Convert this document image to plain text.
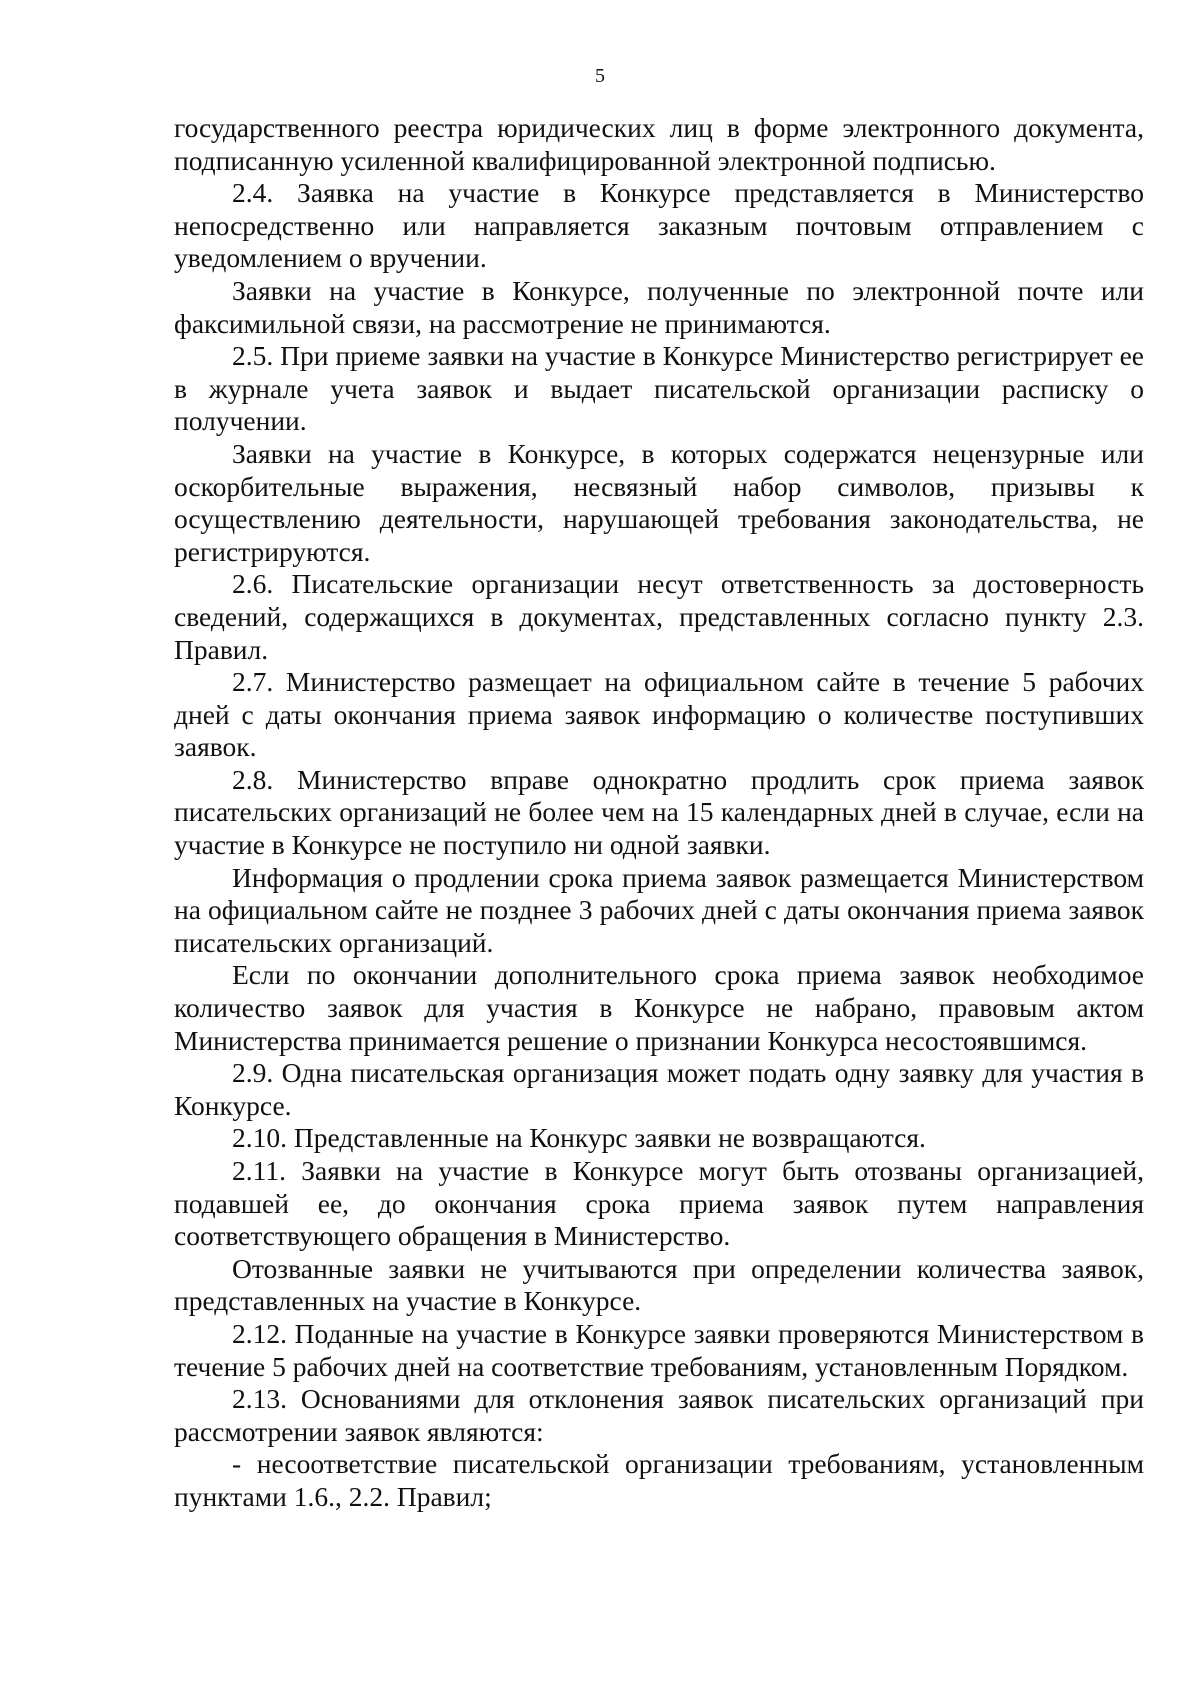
5

государственного реестра юридических лиц в форме электронного документа, подписанную усиленной квалифицированной электронной подписью.

2.4. Заявка на участие в Конкурсе представляется в Министерство непосредственно или направляется заказным почтовым отправлением с уведомлением о вручении.

Заявки на участие в Конкурсе, полученные по электронной почте или факсимильной связи, на рассмотрение не принимаются.

2.5. При приеме заявки на участие в Конкурсе Министерство регистрирует ее в журнале учета заявок и выдает писательской организации расписку о получении.

Заявки на участие в Конкурсе, в которых содержатся нецензурные или оскорбительные выражения, несвязный набор символов, призывы к осуществлению деятельности, нарушающей требования законодательства, не регистрируются.

2.6. Писательские организации несут ответственность за достоверность сведений, содержащихся в документах, представленных согласно пункту 2.3. Правил.

2.7. Министерство размещает на официальном сайте в течение 5 рабочих дней с даты окончания приема заявок информацию о количестве поступивших заявок.

2.8. Министерство вправе однократно продлить срок приема заявок писательских организаций не более чем на 15 календарных дней в случае, если на участие в Конкурсе не поступило ни одной заявки.

Информация о продлении срока приема заявок размещается Министерством на официальном сайте не позднее 3 рабочих дней с даты окончания приема заявок писательских организаций.

Если по окончании дополнительного срока приема заявок необходимое количество заявок для участия в Конкурсе не набрано, правовым актом Министерства принимается решение о признании Конкурса несостоявшимся.

2.9. Одна писательская организация может подать одну заявку для участия в Конкурсе.

2.10. Представленные на Конкурс заявки не возвращаются.

2.11. Заявки на участие в Конкурсе могут быть отозваны организацией, подавшей ее, до окончания срока приема заявок путем направления соответствующего обращения в Министерство.

Отозванные заявки не учитываются при определении количества заявок, представленных на участие в Конкурсе.

2.12. Поданные на участие в Конкурсе заявки проверяются Министерством в течение 5 рабочих дней на соответствие требованиям, установленным Порядком.

2.13. Основаниями для отклонения заявок писательских организаций при рассмотрении заявок являются:

- несоответствие писательской организации требованиям, установленным пунктами 1.6., 2.2. Правил;
